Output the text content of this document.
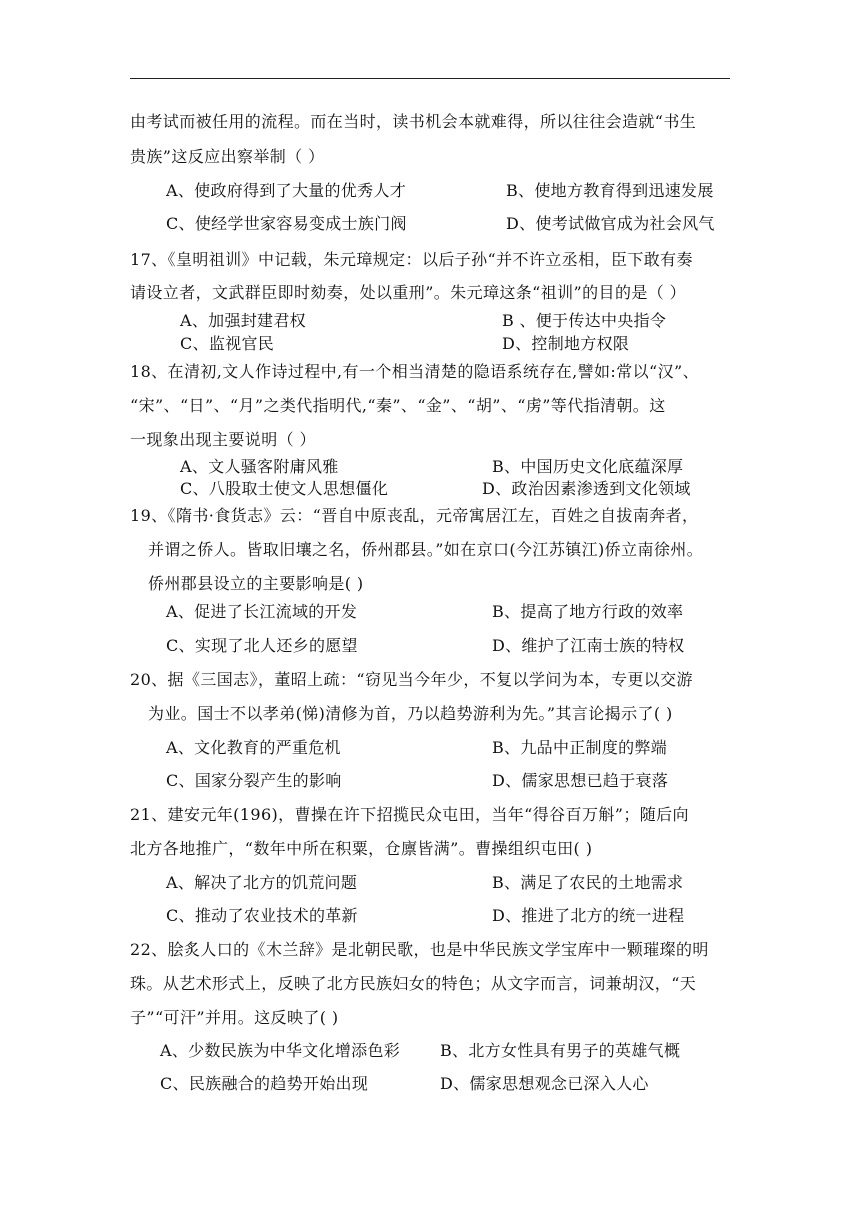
由考试而被任用的流程。而在当时，读书机会本就难得，所以往往会造就“书生
贵族”这反应出察举制（ ）
A、使政府得到了大量的优秀人才	B、使地方教育得到迅速发展
C、使经学世家容易变成士族门阀	D、使考试做官成为社会风气
17、《皇明祖训》中记载，朱元璋规定：以后子孙“并不许立丞相，臣下敢有奏
请设立者，文武群臣即时劾奏，处以重刑”。朱元璋这条“祖训”的目的是（ ）
A、加强封建君权	B 、便于传达中央指令
C、监视官民	D、控制地方权限
18、在清初,文人作诗过程中,有一个相当清楚的隐语系统存在,譬如:常以“汉”、
“宋”、“日”、“月”之类代指明代,“秦”、“金”、“胡”、“虏”等代指清朝。这
一现象出现主要说明（ ）
A、文人骚客附庸风雅	B、中国历史文化底蕴深厚
C、八股取士使文人思想僵化	D、政治因素渗透到文化领域
19、《隋书·食货志》云：“晋自中原丧乱，元帝寓居江左，百姓之自拔南奔者，
并谓之侨人。皆取旧壤之名，侨州郡县。”如在京口(今江苏镇江)侨立南徐州。
侨州郡县设立的主要影响是( )
A、促进了长江流域的开发	B、提高了地方行政的效率
C、实现了北人还乡的愿望	D、维护了江南士族的特权
20、据《三国志》，董昭上疏：“窃见当今年少，不复以学问为本，专更以交游
为业。国士不以孝弟(悌)清修为首，乃以趋势游利为先。”其言论揭示了( )
A、文化教育的严重危机	B、九品中正制度的弊端
C、国家分裂产生的影响	D、儒家思想已趋于衰落
21、建安元年(196)，曹操在许下招揽民众屯田，当年“得谷百万斛”；随后向
北方各地推广，“数年中所在积粟，仓廪皆满”。曹操组织屯田( )
A、解决了北方的饥荒问题	B、满足了农民的土地需求
C、推动了农业技术的革新	D、推进了北方的统一进程
22、脍炙人口的《木兰辞》是北朝民歌，也是中华民族文学宝库中一颗璀璨的明
珠。从艺术形式上，反映了北方民族妇女的特色；从文字而言，词兼胡汉，“天
子”“可汗”并用。这反映了( )
A、少数民族为中华文化增添色彩 B、北方女性具有男子的英雄气概
C、民族融合的趋势开始出现	D、儒家思想观念已深入人心
